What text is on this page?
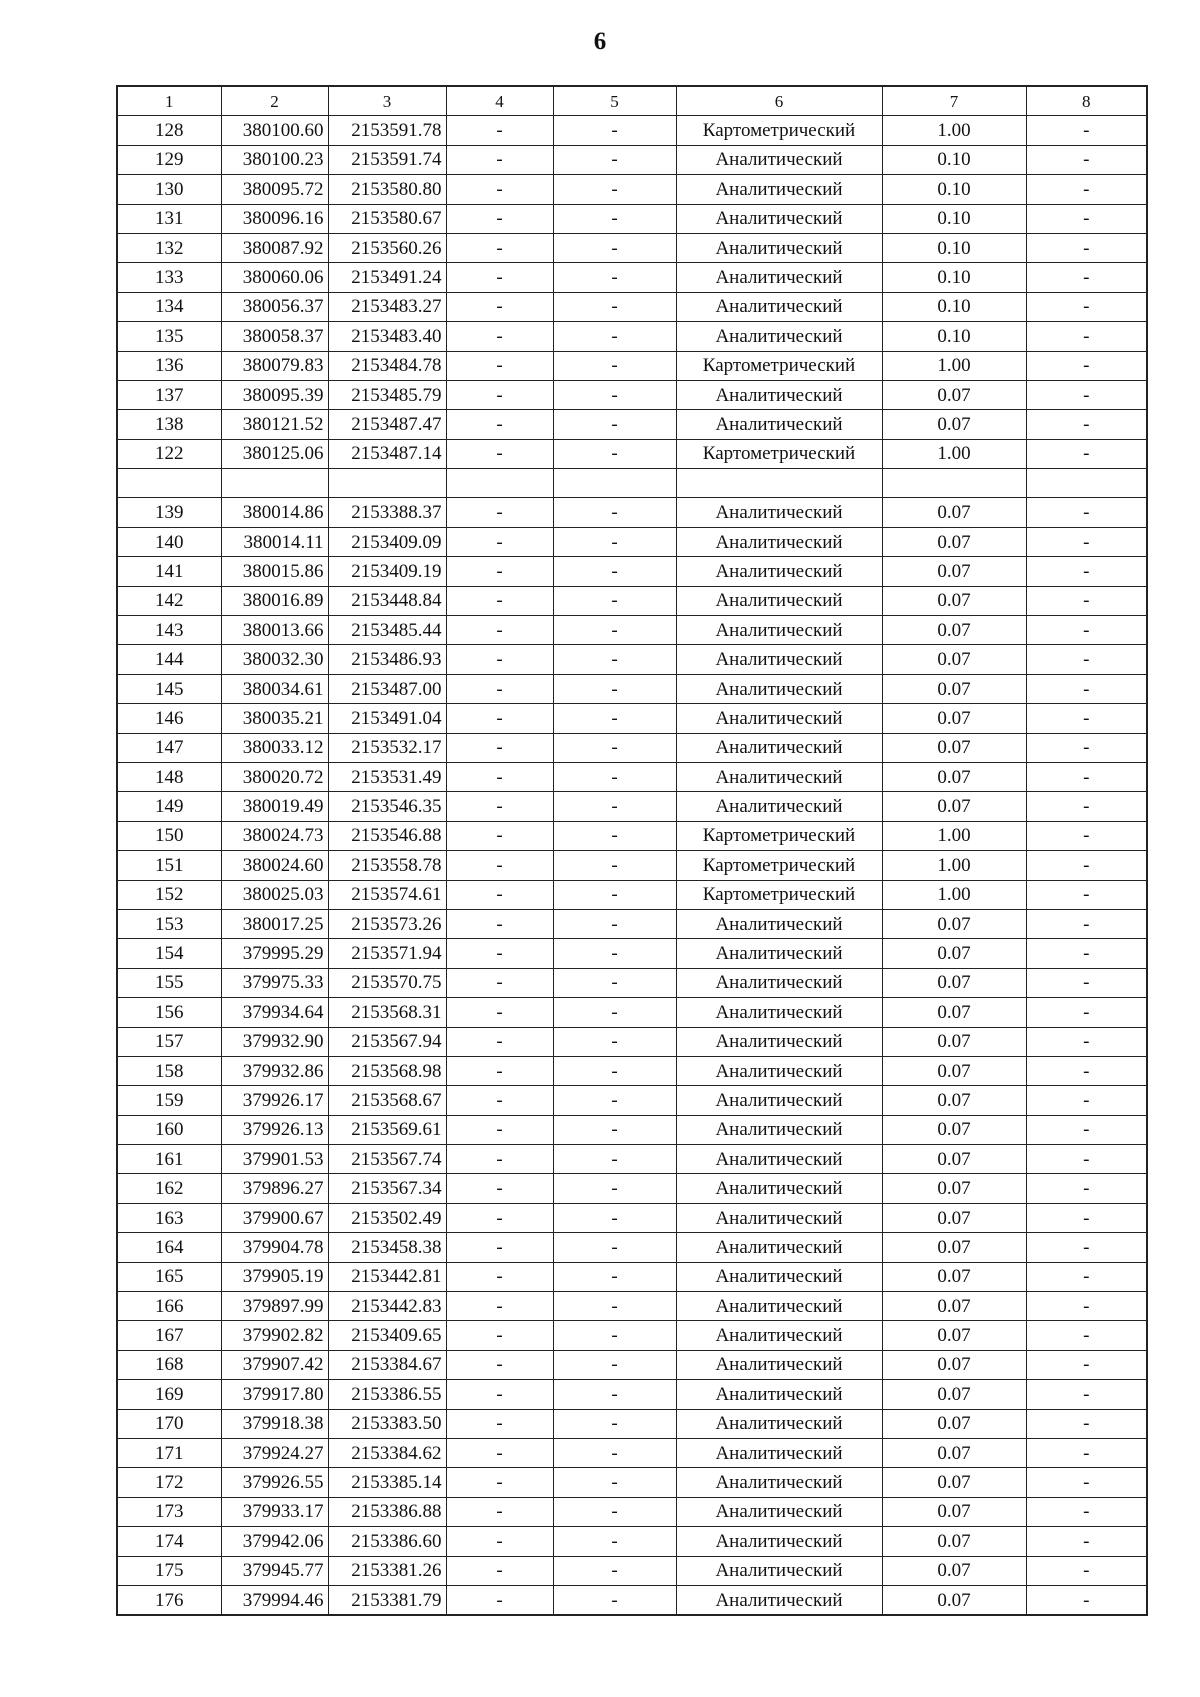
6
1	2	3	4	5	6	7	8
128	380100.60	2153591.78	-	-	Картометрический	1.00	-
129	380100.23	2153591.74	-	-	Аналитический	0.10	-
130	380095.72	2153580.80	-	-	Аналитический	0.10	-
131	380096.16	2153580.67	-	-	Аналитический	0.10	-
132	380087.92	2153560.26	-	-	Аналитический	0.10	-
133	380060.06	2153491.24	-	-	Аналитический	0.10	-
134	380056.37	2153483.27	-	-	Аналитический	0.10	-
135	380058.37	2153483.40	-	-	Аналитический	0.10	-
136	380079.83	2153484.78	-	-	Картометрический	1.00	-
137	380095.39	2153485.79	-	-	Аналитический	0.07	-
138	380121.52	2153487.47	-	-	Аналитический	0.07	-
122	380125.06	2153487.14	-	-	Картометрический	1.00	-

139	380014.86	2153388.37	-	-	Аналитический	0.07	-
140	380014.11	2153409.09	-	-	Аналитический	0.07	-
141	380015.86	2153409.19	-	-	Аналитический	0.07	-
142	380016.89	2153448.84	-	-	Аналитический	0.07	-
143	380013.66	2153485.44	-	-	Аналитический	0.07	-
144	380032.30	2153486.93	-	-	Аналитический	0.07	-
145	380034.61	2153487.00	-	-	Аналитический	0.07	-
146	380035.21	2153491.04	-	-	Аналитический	0.07	-
147	380033.12	2153532.17	-	-	Аналитический	0.07	-
148	380020.72	2153531.49	-	-	Аналитический	0.07	-
149	380019.49	2153546.35	-	-	Аналитический	0.07	-
150	380024.73	2153546.88	-	-	Картометрический	1.00	-
151	380024.60	2153558.78	-	-	Картометрический	1.00	-
152	380025.03	2153574.61	-	-	Картометрический	1.00	-
153	380017.25	2153573.26	-	-	Аналитический	0.07	-
154	379995.29	2153571.94	-	-	Аналитический	0.07	-
155	379975.33	2153570.75	-	-	Аналитический	0.07	-
156	379934.64	2153568.31	-	-	Аналитический	0.07	-
157	379932.90	2153567.94	-	-	Аналитический	0.07	-
158	379932.86	2153568.98	-	-	Аналитический	0.07	-
159	379926.17	2153568.67	-	-	Аналитический	0.07	-
160	379926.13	2153569.61	-	-	Аналитический	0.07	-
161	379901.53	2153567.74	-	-	Аналитический	0.07	-
162	379896.27	2153567.34	-	-	Аналитический	0.07	-
163	379900.67	2153502.49	-	-	Аналитический	0.07	-
164	379904.78	2153458.38	-	-	Аналитический	0.07	-
165	379905.19	2153442.81	-	-	Аналитический	0.07	-
166	379897.99	2153442.83	-	-	Аналитический	0.07	-
167	379902.82	2153409.65	-	-	Аналитический	0.07	-
168	379907.42	2153384.67	-	-	Аналитический	0.07	-
169	379917.80	2153386.55	-	-	Аналитический	0.07	-
170	379918.38	2153383.50	-	-	Аналитический	0.07	-
171	379924.27	2153384.62	-	-	Аналитический	0.07	-
172	379926.55	2153385.14	-	-	Аналитический	0.07	-
173	379933.17	2153386.88	-	-	Аналитический	0.07	-
174	379942.06	2153386.60	-	-	Аналитический	0.07	-
175	379945.77	2153381.26	-	-	Аналитический	0.07	-
176	379994.46	2153381.79	-	-	Аналитический	0.07	-
